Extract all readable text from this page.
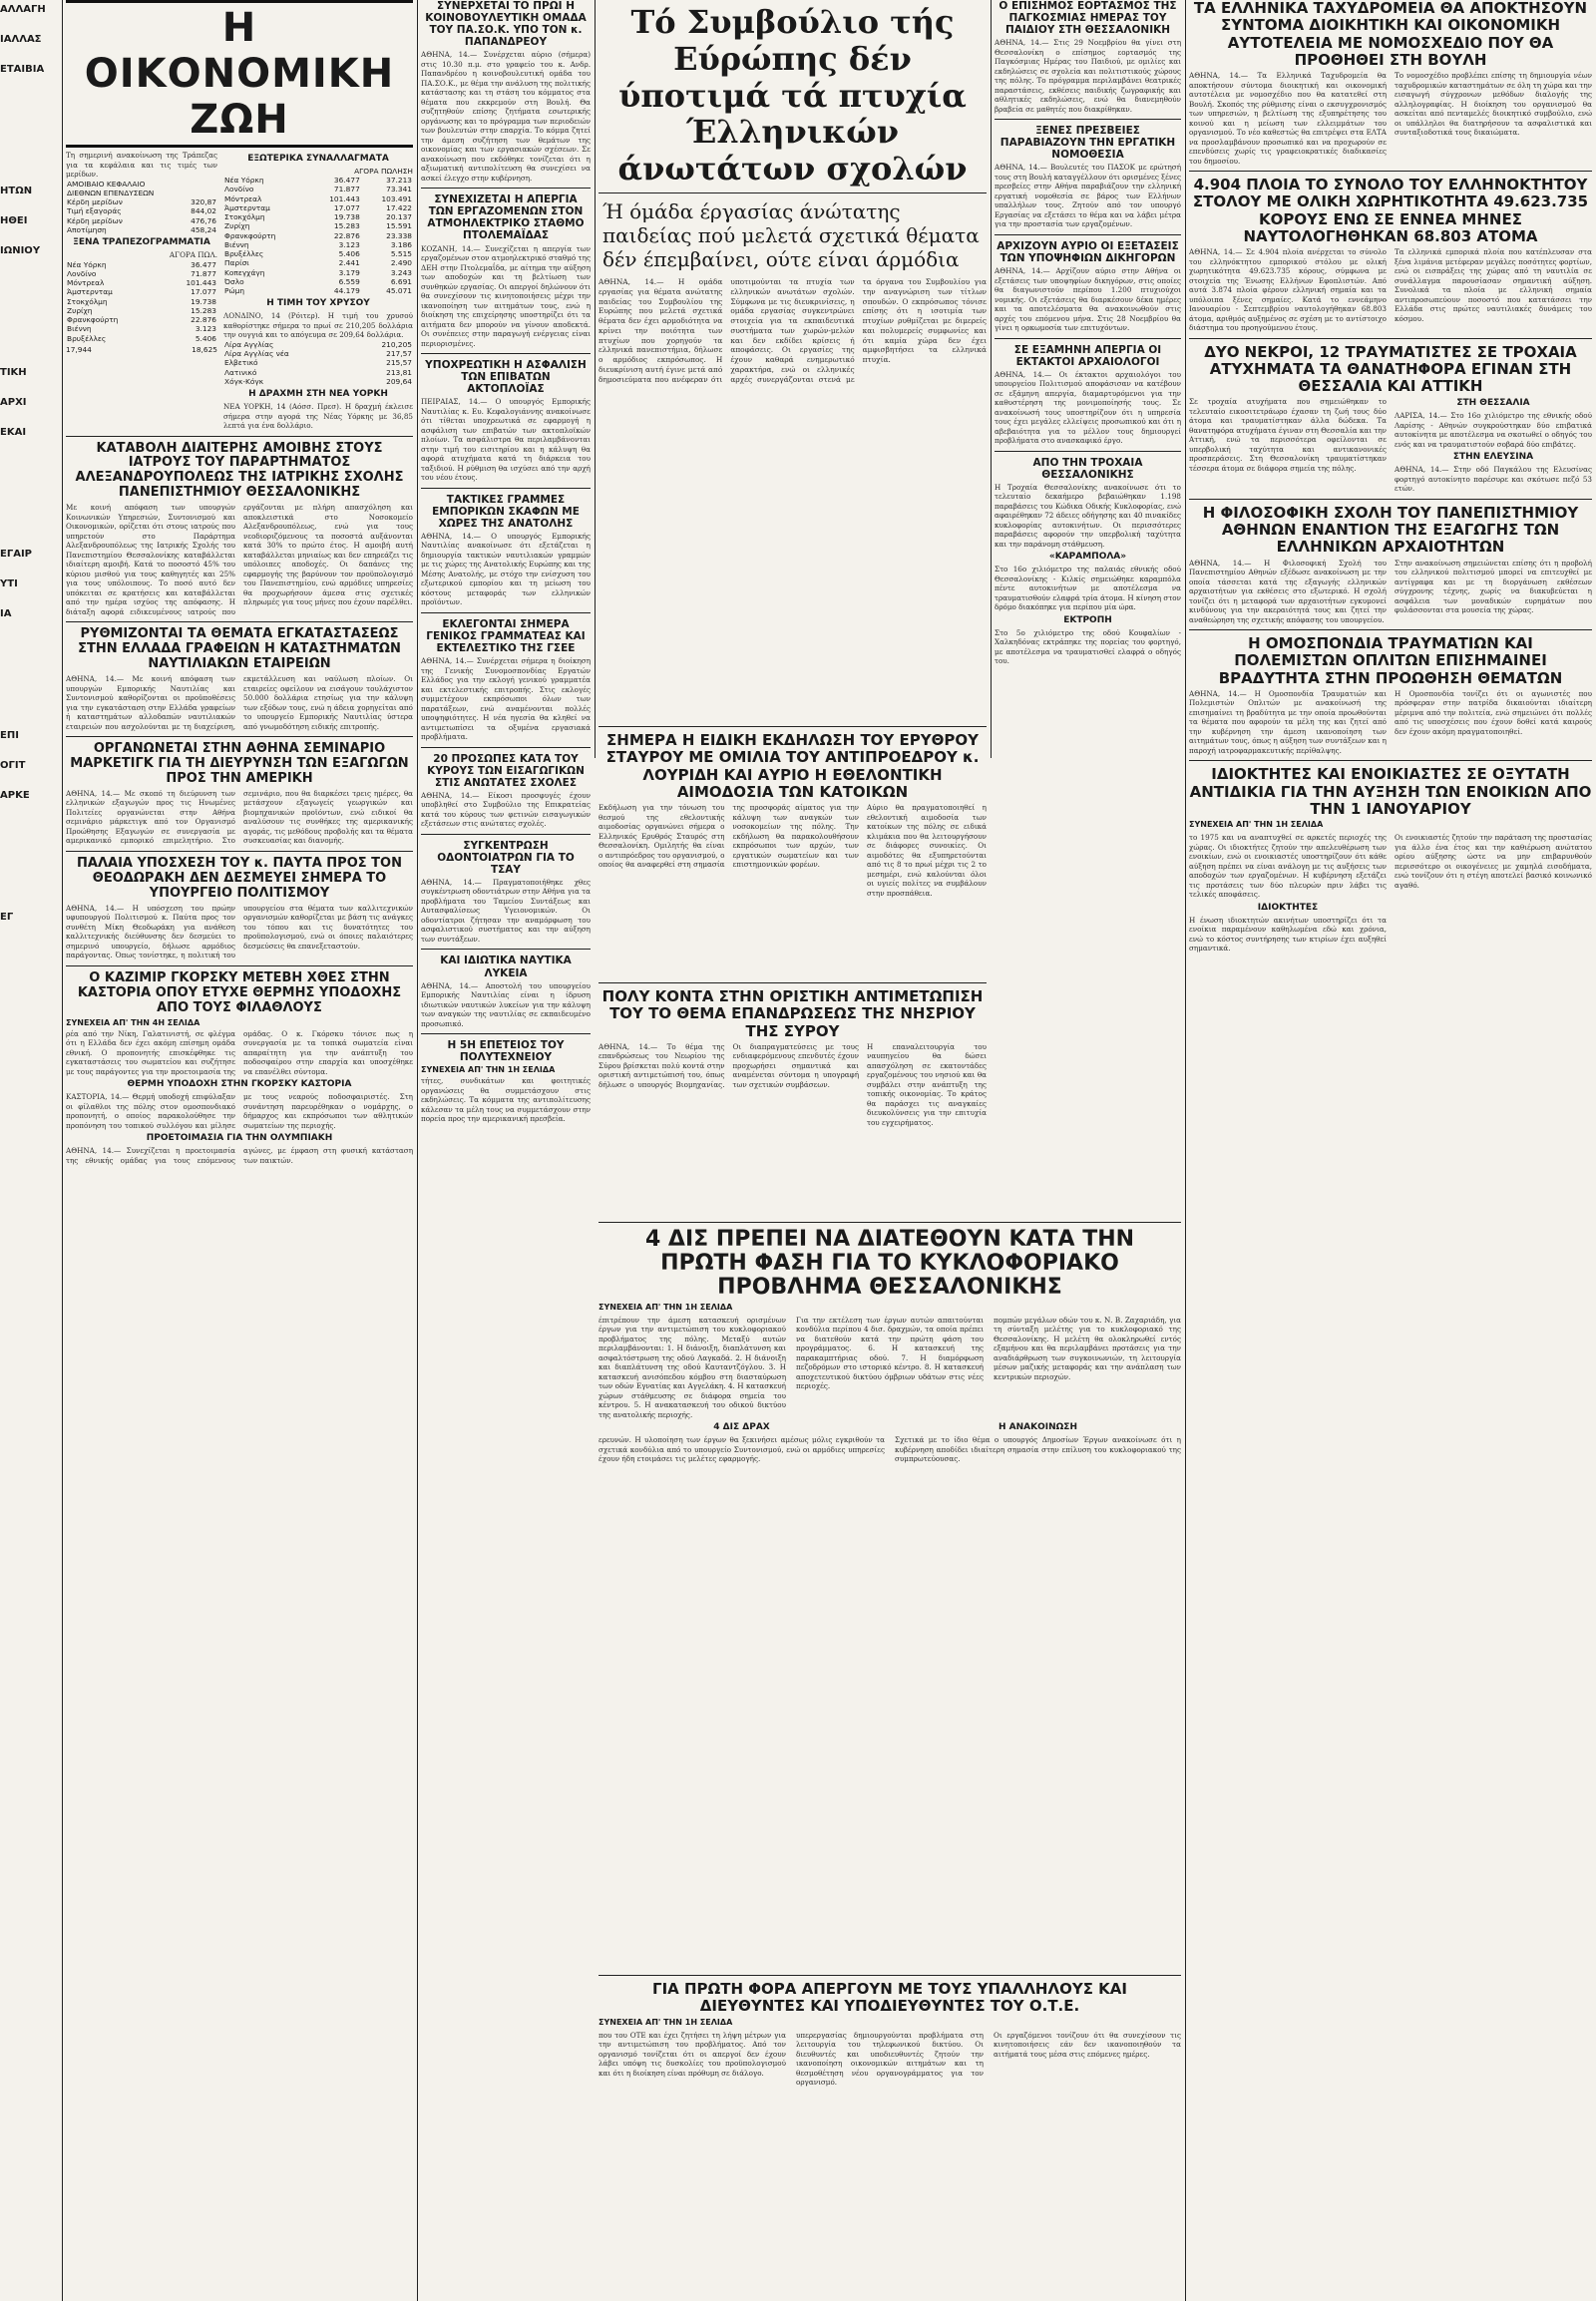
ΑΛΛΑΓΗ
ΙΑΛΛΑΣ
ΕΤΑΙΒΙΑ
ΗΤΩΝ
ΗΘΕΙ
ΙΩΝΙΟΥ
ΤΙΚΗ
ΑΡΧΙ
ΕΚΑΙ
ΕΓΑΙΡ
ΥΤΙ
ΙΑ
ΕΠΙ
ΟΓΙΤ
ΑΡΚΕ
ΕΓ
Η ΟΙΚΟΝΟΜΙΚΗ ΖΩΗ
Τη σημερινή ανακοίνωση της Τράπεζας για τα κεφάλαια και τις τιμές των μερίδων.
ΑΜΟΙΒΑΙΟ ΚΕΦΑΛΑΙΟ	
ΔΙΕΘΝΩΝ ΕΠΕΝΔΥΣΕΩΝ	
Κέρδη μερίδων	320,87
Τιμή εξαγοράς	844,02
Κέρδη μερίδων	476,76
Αποτίμηση	458,24
ΞΕΝΑ ΤΡΑΠΕΖΟΓΡΑΜΜΑΤΙΑ
ΑΓΟΡΑ ΠΩΛ.
Νέα Υόρκη	36.477
Λονδίνο	71.877
Μόντρεαλ	101.443
Άμστερνταμ	17.077
Στοκχόλμη	19.738
Ζυρίχη	15.283
Φρανκφούρτη	22.876
Βιέννη	3.123
Βρυξέλλες	5.406
17,944	18,625
ΕΞΩΤΕΡΙΚΑ ΣΥΝΑΛΛΑΓΜΑΤΑ
ΑΓΟΡΑ ΠΩΛΗΣΗ
Νέα Υόρκη	36.477	37.213
Λονδίνο	71.877	73.341
Μόντρεαλ	101.443	103.491
Άμστερνταμ	17.077	17.422
Στοκχόλμη	19.738	20.137
Ζυρίχη	15.283	15.591
Φρανκφούρτη	22.876	23.338
Βιέννη	3.123	3.186
Βρυξέλλες	5.406	5.515
Παρίσι	2.441	2.490
Κοπεγχάγη	3.179	3.243
Όσλο	6.559	6.691
Ρώμη	44.179	45.071
Η ΤΙΜΗ ΤΟΥ ΧΡΥΣΟΥ
ΛΟΝΔΙΝΟ, 14 (Ρόιτερ). Η τιμή του χρυσού καθορίστηκε σήμερα το πρωί σε 210,205 δολλάρια την ουγγιά και το απόγευμα σε 209,64 δολλάρια.
Λίρα Αγγλίας	210,205
Λίρα Αγγλίας νέα	217,57
Ελβετικό	215,57
Λατινικό	213,81
Χόγκ-Κόγκ	209,64
Η ΔΡΑΧΜΗ ΣΤΗ ΝΕΑ ΥΟΡΚΗ
ΝΕΑ ΥΟΡΚΗ, 14 (Αόσσ. Πρεσ). Η δραχμή έκλεισε σήμερα στην αγορά της Νέας Υόρκης με 36,85 λεπτά για ένα δολλάριο.
ΚΑΤΑΒΟΛΗ ΔΙΑΙΤΕΡΗΣ ΑΜΟΙΒΗΣ ΣΤΟΥΣ ΙΑΤΡΟΥΣ ΤΟΥ ΠΑΡΑΡΤΗΜΑΤΟΣ ΑΛΕΞΑΝΔΡΟΥΠΟΛΕΩΣ ΤΗΣ ΙΑΤΡΙΚΗΣ ΣΧΟΛΗΣ ΠΑΝΕΠΙΣΤΗΜΙΟΥ ΘΕΣΣΑΛΟΝΙΚΗΣ

Με κοινή απόφαση των υπουργών Κοινωνικών Υπηρεσιών, Συντονισμού και Οικονομικών, ορίζεται ότι στους ιατρούς που υπηρετούν στο Παράρτημα Αλεξανδρουπόλεως της Ιατρικής Σχολής του Πανεπιστημίου Θεσσαλονίκης καταβάλλεται ιδιαίτερη αμοιβή. Κατά το ποσοστό 45% του κύριου μισθού για τους καθηγητές και 25% για τους υπόλοιπους. Το ποσό αυτό δεν υπόκειται σε κρατήσεις και καταβάλλεται από την ημέρα ισχύος της απόφασης. Η διάταξη αφορά ειδικευμένους ιατρούς που εργάζονται με πλήρη απασχόληση και αποκλειστικά στο Νοσοκομείο Αλεξανδρουπόλεως, ενώ για τους νεοδιοριζόμενους τα ποσοστά αυξάνονται κατά 30% το πρώτο έτος. Η αμοιβή αυτή καταβάλλεται μηνιαίως και δεν επηρεάζει τις υπόλοιπες αποδοχές. Οι δαπάνες της εφαρμογής της βαρύνουν τον προϋπολογισμό του Πανεπιστημίου, ενώ αρμόδιες υπηρεσίες θα προχωρήσουν άμεσα στις σχετικές πληρωμές για τους μήνες που έχουν παρέλθει.

ΡΥΘΜΙΖΟΝΤΑΙ ΤΑ ΘΕΜΑΤΑ ΕΓΚΑΤΑΣΤΑΣΕΩΣ ΣΤΗΝ ΕΛΛΑΔΑ ΓΡΑΦΕΙΩΝ Η ΚΑΤΑΣΤΗΜΑΤΩΝ ΝΑΥΤΙΛΙΑΚΩΝ ΕΤΑΙΡΕΙΩΝ

ΑΘΗΝΑ, 14.— Με κοινή απόφαση των υπουργών Εμπορικής Ναυτιλίας και Συντονισμού καθορίζονται οι προϋποθέσεις για την εγκατάσταση στην Ελλάδα γραφείων ή καταστημάτων αλλοδαπών ναυτιλιακών εταιρειών που ασχολούνται με τη διαχείριση, εκμετάλλευση και ναύλωση πλοίων. Οι εταιρείες οφείλουν να εισάγουν τουλάχιστον 50.000 δολλάρια ετησίως για την κάλυψη των εξόδων τους, ενώ η άδεια χορηγείται από το υπουργείο Εμπορικής Ναυτιλίας ύστερα από γνωμοδότηση ειδικής επιτροπής.

ΟΡΓΑΝΩΝΕΤΑΙ ΣΤΗΝ ΑΘΗΝΑ ΣΕΜΙΝΑΡΙΟ ΜΑΡΚΕΤΙΓΚ ΓΙΑ ΤΗ ΔΙΕΥΡΥΝΣΗ ΤΩΝ ΕΞΑΓΩΓΩΝ ΠΡΟΣ ΤΗΝ ΑΜΕΡΙΚΗ

ΑΘΗΝΑ, 14.— Με σκοπό τη διεύρυνση των ελληνικών εξαγωγών προς τις Ηνωμένες Πολιτείες οργανώνεται στην Αθήνα σεμινάριο μάρκετιγκ από τον Οργανισμό Προώθησης Εξαγωγών σε συνεργασία με αμερικανικό εμπορικό επιμελητήριο. Στο σεμινάριο, που θα διαρκέσει τρεις ημέρες, θα μετάσχουν εξαγωγείς γεωργικών και βιομηχανικών προϊόντων, ενώ ειδικοί θα αναλύσουν τις συνθήκες της αμερικανικής αγοράς, τις μεθόδους προβολής και τα θέματα συσκευασίας και διανομής.

ΠΑΛΑΙΑ ΥΠΟΣΧΕΣΗ ΤΟΥ κ. ΠΑΥΤΑ ΠΡΟΣ ΤΟΝ ΘΕΟΔΩΡΑΚΗ ΔΕΝ ΔΕΣΜΕΥΕΙ ΣΗΜΕΡΑ ΤΟ ΥΠΟΥΡΓΕΙΟ ΠΟΛΙΤΙΣΜΟΥ

ΑΘΗΝΑ, 14.— Η υπόσχεση του πρώην υφυπουργού Πολιτισμού κ. Παύτα προς τον συνθέτη Μίκη Θεοδωράκη για ανάθεση καλλιτεχνικής διεύθυνσης δεν δεσμεύει το σημερινό υπουργείο, δήλωσε αρμόδιος παράγοντας. Όπως τονίστηκε, η πολιτική του υπουργείου στα θέματα των καλλιτεχνικών οργανισμών καθορίζεται με βάση τις ανάγκες του τόπου και τις δυνατότητες του προϋπολογισμού, ενώ οι όποιες παλαιότερες δεσμεύσεις θα επανεξεταστούν.

Ο ΚΑΖΙΜΙΡ ΓΚΟΡΣΚΥ ΜΕΤΕΒΗ ΧΘΕΣ ΣΤΗΝ ΚΑΣΤΟΡΙΑ ΟΠΟΥ ΕΤΥΧΕ ΘΕΡΜΗΣ ΥΠΟΔΟΧΗΣ ΑΠΟ ΤΟΥΣ ΦΙΛΑΘΛΟΥΣ
ΣΥΝΕΧΕΙΑ ΑΠ' ΤΗΝ 4Η ΣΕΛΙΔΑ

ρέα από την Νίκη, Γαλατινιστή, σε φλέγμα ότι η Ελλάδα δεν έχει ακόμη επίσημη ομάδα εθνική. Ο προπονητής επισκέφθηκε τις εγκαταστάσεις του σωματείου και συζήτησε με τους παράγοντες για την προετοιμασία της ομάδας. Ο κ. Γκόρσκυ τόνισε πως η συνεργασία με τα τοπικά σωματεία είναι απαραίτητη για την ανάπτυξη του ποδοσφαίρου στην επαρχία και υποσχέθηκε να επανέλθει σύντομα.

ΘΕΡΜΗ ΥΠΟΔΟΧΗ ΣΤΗΝ ΓΚΟΡΣΚΥ ΚΑΣΤΟΡΙΑ

ΚΑΣΤΟΡΙΑ, 14.— Θερμή υποδοχή επιφύλαξαν οι φίλαθλοι της πόλης στον ομοσπονδιακό προπονητή, ο οποίος παρακολούθησε την προπόνηση του τοπικού συλλόγου και μίλησε με τους νεαρούς ποδοσφαιριστές. Στη συνάντηση παρευρέθηκαν ο νομάρχης, ο δήμαρχος και εκπρόσωποι των αθλητικών σωματείων της περιοχής.

ΠΡΟΕΤΟΙΜΑΣΙΑ ΓΙΑ ΤΗΝ ΟΛΥΜΠΙΑΚΗ

ΑΘΗΝΑ, 14.— Συνεχίζεται η προετοιμασία της εθνικής ομάδας για τους επόμενους αγώνες, με έμφαση στη φυσική κατάσταση των παικτών.

ΣΥΝΕΡΧΕΤΑΙ ΤΟ ΠΡΩΙ Η ΚΟΙΝΟΒΟΥΛΕΥΤΙΚΗ ΟΜΑΔΑ ΤΟΥ ΠΑ.ΣΟ.Κ. ΥΠΟ ΤΟΝ κ. ΠΑΠΑΝΔΡΕΟΥ

ΑΘΗΝΑ, 14.— Συνέρχεται αύριο (σήμερα) στις 10.30 π.μ. στο γραφείο του κ. Ανδρ. Παπανδρέου η κοινοβουλευτική ομάδα του ΠΑ.ΣΟ.Κ., με θέμα την ανάλυση της πολιτικής κατάστασης και τη στάση του κόμματος στα θέματα που εκκρεμούν στη Βουλή. Θα συζητηθούν επίσης ζητήματα εσωτερικής οργάνωσης και το πρόγραμμα των περιοδειών των βουλευτών στην επαρχία. Το κόμμα ζητεί την άμεση συζήτηση των θεμάτων της οικονομίας και των εργασιακών σχέσεων. Σε ανακοίνωση που εκδόθηκε τονίζεται ότι η αξιωματική αντιπολίτευση θα συνεχίσει να ασκεί έλεγχο στην κυβέρνηση.

ΣΥΝΕΧΙΖΕΤΑΙ Η ΑΠΕΡΓΙΑ ΤΩΝ ΕΡΓΑΖΟΜΕΝΩΝ ΣΤΟΝ ΑΤΜΟΗΛΕΚΤΡΙΚΟ ΣΤΑΘΜΟ ΠΤΟΛΕΜΑΪΔΑΣ

ΚΟΖΑΝΗ, 14.— Συνεχίζεται η απεργία των εργαζομένων στον ατμοηλεκτρικό σταθμό της ΔΕΗ στην Πτολεμαΐδα, με αίτημα την αύξηση των αποδοχών και τη βελτίωση των συνθηκών εργασίας. Οι απεργοί δηλώνουν ότι θα συνεχίσουν τις κινητοποιήσεις μέχρι την ικανοποίηση των αιτημάτων τους, ενώ η διοίκηση της επιχείρησης υποστηρίζει ότι τα αιτήματα δεν μπορούν να γίνουν αποδεκτά. Οι συνέπειες στην παραγωγή ενέργειας είναι περιορισμένες.

ΥΠΟΧΡΕΩΤΙΚΗ Η ΑΣΦΑΛΙΣΗ ΤΩΝ ΕΠΙΒΑΤΩΝ ΑΚΤΟΠΛΟΪΑΣ

ΠΕΙΡΑΙΑΣ, 14.— Ο υπουργός Εμπορικής Ναυτιλίας κ. Ευ. Κεφαλογιάννης ανακοίνωσε ότι τίθεται υποχρεωτικά σε εφαρμογή η ασφάλιση των επιβατών των ακτοπλοϊκών πλοίων. Τα ασφάλιστρα θα περιλαμβάνονται στην τιμή του εισιτηρίου και η κάλυψη θα αφορά ατυχήματα κατά τη διάρκεια του ταξιδιού. Η ρύθμιση θα ισχύσει από την αρχή του νέου έτους.

ΤΑΚΤΙΚΕΣ ΓΡΑΜΜΕΣ ΕΜΠΟΡΙΚΩΝ ΣΚΑΦΩΝ ΜΕ ΧΩΡΕΣ ΤΗΣ ΑΝΑΤΟΛΗΣ

ΑΘΗΝΑ, 14.— Ο υπουργός Εμπορικής Ναυτιλίας ανακοίνωσε ότι εξετάζεται η δημιουργία τακτικών ναυτιλιακών γραμμών με τις χώρες της Ανατολικής Ευρώπης και της Μέσης Ανατολής, με στόχο την ενίσχυση του εξωτερικού εμπορίου και τη μείωση του κόστους μεταφοράς των ελληνικών προϊόντων.

ΕΚΛΕΓΟΝΤΑΙ ΣΗΜΕΡΑ ΓΕΝΙΚΟΣ ΓΡΑΜΜΑΤΕΑΣ ΚΑΙ ΕΚΤΕΛΕΣΤΙΚΟ ΤΗΣ ΓΣΕΕ

ΑΘΗΝΑ, 14.— Συνέρχεται σήμερα η διοίκηση της Γενικής Συνομοσπονδίας Εργατών Ελλάδος για την εκλογή γενικού γραμματέα και εκτελεστικής επιτροπής. Στις εκλογές συμμετέχουν εκπρόσωποι όλων των παρατάξεων, ενώ αναμένονται πολλές υποψηφιότητες. Η νέα ηγεσία θα κληθεί να αντιμετωπίσει τα οξυμένα εργασιακά προβλήματα.

20 ΠΡΟΣΩΠΕΣ ΚΑΤΑ ΤΟΥ ΚΥΡΟΥΣ ΤΩΝ ΕΙΣΑΓΩΓΙΚΩΝ ΣΤΙΣ ΑΝΩΤΑΤΕΣ ΣΧΟΛΕΣ

ΑΘΗΝΑ, 14.— Είκοσι προσφυγές έχουν υποβληθεί στο Συμβούλιο της Επικρατείας κατά του κύρους των φετινών εισαγωγικών εξετάσεων στις ανώτατες σχολές.

ΣΥΓΚΕΝΤΡΩΣΗ ΟΔΟΝΤΟΙΑΤΡΩΝ ΓΙΑ ΤΟ ΤΣΑΥ

ΑΘΗΝΑ, 14.— Πραγματοποιήθηκε χθες συγκέντρωση οδοντιάτρων στην Αθήνα για τα προβλήματα του Ταμείου Συντάξεως και Αυτασφαλίσεως Υγειονομικών. Οι οδοντίατροι ζήτησαν την αναμόρφωση του ασφαλιστικού συστήματος και την αύξηση των συντάξεων.

ΚΑΙ ΙΔΙΩΤΙΚΑ ΝΑΥΤΙΚΑ ΛΥΚΕΙΑ

ΑΘΗΝΑ, 14.— Αποστολή του υπουργείου Εμπορικής Ναυτιλίας είναι η ίδρυση ιδιωτικών ναυτικών λυκείων για την κάλυψη των αναγκών της ναυτιλίας σε εκπαιδευμένο προσωπικό.

Η 5Η ΕΠΕΤΕΙΟΣ ΤΟΥ ΠΟΛΥΤΕΧΝΕΙΟΥ
ΣΥΝΕΧΕΙΑ ΑΠ' ΤΗΝ 1Η ΣΕΛΙΔΑ

τήτες, συνδικάτων και φοιτητικές οργανώσεις θα συμμετάσχουν στις εκδηλώσεις. Τα κόμματα της αντιπολίτευσης κάλεσαν τα μέλη τους να συμμετάσχουν στην πορεία προς την αμερικανική πρεσβεία.

Τό Συμβούλιο τής Εύρώπης δέν ύποτιμά τά πτυχία Έλληνικών άνωτάτων σχολών

Ή όμάδα έργασίας άνώτατης παιδείας πού μελετά σχετικά θέματα δέν έπεμβαίνει, ούτε είναι άρμόδια

ΑΘΗΝΑ, 14.— Η ομάδα εργασίας για θέματα ανώτατης παιδείας του Συμβουλίου της Ευρώπης που μελετά σχετικά θέματα δεν έχει αρμοδιότητα να κρίνει την ποιότητα των πτυχίων που χορηγούν τα ελληνικά πανεπιστήμια, δήλωσε ο αρμόδιος εκπρόσωπος. Η διευκρίνιση αυτή έγινε μετά από δημοσιεύματα που ανέφεραν ότι υποτιμούνται τα πτυχία των ελληνικών ανωτάτων σχολών. Σύμφωνα με τις διευκρινίσεις, η ομάδα εργασίας συγκεντρώνει στοιχεία για τα εκπαιδευτικά συστήματα των χωρών-μελών και δεν εκδίδει κρίσεις ή αποφάσεις. Οι εργασίες της έχουν καθαρά ενημερωτικό χαρακτήρα, ενώ οι ελληνικές αρχές συνεργάζονται στενά με τα όργανα του Συμβουλίου για την αναγνώριση των τίτλων σπουδών. Ο εκπρόσωπος τόνισε επίσης ότι η ισοτιμία των πτυχίων ρυθμίζεται με διμερείς και πολυμερείς συμφωνίες και ότι καμία χώρα δεν έχει αμφισβητήσει τα ελληνικά πτυχία.

Ο ΕΠΙΣΗΜΟΣ ΕΟΡΤΑΣΜΟΣ ΤΗΣ ΠΑΓΚΟΣΜΙΑΣ ΗΜΕΡΑΣ ΤΟΥ ΠΑΙΔΙΟΥ ΣΤΗ ΘΕΣΣΑΛΟΝΙΚΗ

ΑΘΗΝΑ, 14.— Στις 29 Νοεμβρίου θα γίνει στη Θεσσαλονίκη ο επίσημος εορτασμός της Παγκόσμιας Ημέρας του Παιδιού, με ομιλίες και εκδηλώσεις σε σχολεία και πολιτιστικούς χώρους της πόλης. Το πρόγραμμα περιλαμβάνει θεατρικές παραστάσεις, εκθέσεις παιδικής ζωγραφικής και αθλητικές εκδηλώσεις, ενώ θα διανεμηθούν βραβεία σε μαθητές που διακρίθηκαν.

ΞΕΝΕΣ ΠΡΕΣΒΕΙΕΣ ΠΑΡΑΒΙΑΖΟΥΝ ΤΗΝ ΕΡΓΑΤΙΚΗ ΝΟΜΟΘΕΣΙΑ

ΑΘΗΝΑ, 14.— Βουλευτές του ΠΑΣΟΚ με ερώτησή τους στη Βουλή καταγγέλλουν ότι ορισμένες ξένες πρεσβείες στην Αθήνα παραβιάζουν την ελληνική εργατική νομοθεσία σε βάρος των Ελλήνων υπαλλήλων τους. Ζητούν από τον υπουργό Εργασίας να εξετάσει το θέμα και να λάβει μέτρα για την προστασία των εργαζομένων.

ΑΡΧΙΖΟΥΝ ΑΥΡΙΟ ΟΙ ΕΞΕΤΑΣΕΙΣ ΤΩΝ ΥΠΟΨΗΦΙΩΝ ΔΙΚΗΓΟΡΩΝ

ΑΘΗΝΑ, 14.— Αρχίζουν αύριο στην Αθήνα οι εξετάσεις των υποψηφίων δικηγόρων, στις οποίες θα διαγωνιστούν περίπου 1.200 πτυχιούχοι νομικής. Οι εξετάσεις θα διαρκέσουν δέκα ημέρες και τα αποτελέσματα θα ανακοινωθούν στις αρχές του επόμενου μήνα. Στις 28 Νοεμβρίου θα γίνει η ορκωμοσία των επιτυχόντων.

ΣΕ ΕΞΑΜΗΝΗ ΑΠΕΡΓΙΑ ΟΙ ΕΚΤΑΚΤΟΙ ΑΡΧΑΙΟΛΟΓΟΙ

ΑΘΗΝΑ, 14.— Οι έκτακτοι αρχαιολόγοι του υπουργείου Πολιτισμού αποφάσισαν να κατέβουν σε εξάμηνη απεργία, διαμαρτυρόμενοι για την καθυστέρηση της μονιμοποίησής τους. Σε ανακοίνωσή τους υποστηρίζουν ότι η υπηρεσία τους έχει μεγάλες ελλείψεις προσωπικού και ότι η αβεβαιότητα για το μέλλον τους δημιουργεί προβλήματα στο ανασκαφικό έργο.

ΑΠΟ ΤΗΝ ΤΡΟΧΑΙΑ ΘΕΣΣΑΛΟΝΙΚΗΣ

Η Τροχαία Θεσσαλονίκης ανακοίνωσε ότι το τελευταίο δεκαήμερο βεβαιώθηκαν 1.198 παραβάσεις του Κώδικα Οδικής Κυκλοφορίας, ενώ αφαιρέθηκαν 72 άδειες οδήγησης και 40 πινακίδες κυκλοφορίας αυτοκινήτων. Οι περισσότερες παραβάσεις αφορούν την υπερβολική ταχύτητα και την παράνομη στάθμευση.

«ΚΑΡΑΜΠΟΛΑ»

Στο 16ο χιλιόμετρο της παλαιάς εθνικής οδού Θεσσαλονίκης - Κιλκίς σημειώθηκε καραμπόλα πέντε αυτοκινήτων με αποτέλεσμα να τραυματισθούν ελαφρά τρία άτομα. Η κίνηση στον δρόμο διακόπηκε για περίπου μία ώρα.

ΕΚΤΡΟΠΗ

Στο 5ο χιλιόμετρο της οδού Κουφαλίων - Χαλκηδόνας εκτράπηκε της πορείας του φορτηγό, με αποτέλεσμα να τραυματισθεί ελαφρά ο οδηγός του.

ΣΗΜΕΡΑ Η ΕΙΔΙΚΗ ΕΚΔΗΛΩΣΗ ΤΟΥ ΕΡΥΘΡΟΥ ΣΤΑΥΡΟΥ ΜΕ ΟΜΙΛΙΑ ΤΟΥ ΑΝΤΙΠΡΟΕΔΡΟΥ κ. ΛΟΥΡΙΔΗ ΚΑΙ ΑΥΡΙΟ Η ΕΘΕΛΟΝΤΙΚΗ ΑΙΜΟΔΟΣΙΑ ΤΩΝ ΚΑΤΟΙΚΩΝ

Εκδήλωση για την τόνωση του θεσμού της εθελοντικής αιμοδοσίας οργανώνει σήμερα ο Ελληνικός Ερυθρός Σταυρός στη Θεσσαλονίκη. Ομιλητής θα είναι ο αντιπρόεδρος του οργανισμού, ο οποίος θα αναφερθεί στη σημασία της προσφοράς αίματος για την κάλυψη των αναγκών των νοσοκομείων της πόλης. Την εκδήλωση θα παρακολουθήσουν εκπρόσωποι των αρχών, των εργατικών σωματείων και των επιστημονικών φορέων.

Αύριο θα πραγματοποιηθεί η εθελοντική αιμοδοσία των κατοίκων της πόλης σε ειδικά κλιμάκια που θα λειτουργήσουν σε διάφορες συνοικίες. Οι αιμοδότες θα εξυπηρετούνται από τις 8 το πρωί μέχρι τις 2 το μεσημέρι, ενώ καλούνται όλοι οι υγιείς πολίτες να συμβάλουν στην προσπάθεια.

ΠΟΛΥ ΚΟΝΤΑ ΣΤΗΝ ΟΡΙΣΤΙΚΗ ΑΝΤΙΜΕΤΩΠΙΣΗ ΤΟΥ ΤΟ ΘΕΜΑ ΕΠΑΝΔΡΩΣΕΩΣ ΤΗΣ ΝΗΣΡΙΟΥ ΤΗΣ ΣΥΡΟΥ

ΑΘΗΝΑ, 14.— Το θέμα της επανδρώσεως του Νεωρίου της Σύρου βρίσκεται πολύ κοντά στην οριστική αντιμετώπισή του, όπως δήλωσε ο υπουργός Βιομηχανίας. Οι διαπραγματεύσεις με τους ενδιαφερόμενους επενδυτές έχουν προχωρήσει σημαντικά και αναμένεται σύντομα η υπογραφή των σχετικών συμβάσεων.

Η επαναλειτουργία του ναυπηγείου θα δώσει απασχόληση σε εκατοντάδες εργαζομένους του νησιού και θα συμβάλει στην ανάπτυξη της τοπικής οικονομίας. Το κράτος θα παράσχει τις αναγκαίες διευκολύνσεις για την επιτυχία του εγχειρήματος.

4 ΔΙΣ ΠΡΕΠΕΙ ΝΑ ΔΙΑΤΕΘΟΥΝ ΚΑΤΑ ΤΗΝ ΠΡΩΤΗ ΦΑΣΗ ΓΙΑ ΤΟ ΚΥΚΛΟΦΟΡΙΑΚΟ ΠΡΟΒΛΗΜΑ ΘΕΣΣΑΛΟΝΙΚΗΣ
ΣΥΝΕΧΕΙΑ ΑΠ' ΤΗΝ 1Η ΣΕΛΙΔΑ

έπιτρέπουν την άμεση κατασκευή ορισμένων έργων για την αντιμετώπιση του κυκλοφοριακού προβλήματος της πόλης. Μεταξύ αυτών περιλαμβάνονται: 1. Η διάνοιξη, διαπλάτυνση και ασφαλτόστρωση της οδού Λαγκαδά. 2. Η διάνοιξη και διαπλάτυνση της οδού Καυταντζόγλου. 3. Η κατασκευή ανισόπεδου κόμβου στη διασταύρωση των οδών Εγνατίας και Αγγελάκη. 4. Η κατασκευή χώρων στάθμευσης σε διάφορα σημεία του κέντρου. 5. Η ανακατασκευή του οδικού δικτύου της ανατολικής περιοχής.

Για την εκτέλεση των έργων αυτών απαιτούνται κονδύλια περίπου 4 δισ. δραχμών, τα οποία πρέπει να διατεθούν κατά την πρώτη φάση του προγράμματος. 6. Η κατασκευή της παρακαμπτήριας οδού. 7. Η διαμόρφωση πεζοδρόμων στο ιστορικό κέντρο. 8. Η κατασκευή αποχετευτικού δικτύου όμβριων υδάτων στις νέες περιοχές.

πομπών μεγάλων οδών του κ. Ν. Β. Ζαχαριάδη, για τη σύνταξη μελέτης για το κυκλοφοριακό της Θεσσαλονίκης. Η μελέτη θα ολοκληρωθεί εντός εξαμήνου και θα περιλαμβάνει προτάσεις για την αναδιάρθρωση των συγκοινωνιών, τη λειτουργία μέσων μαζικής μεταφοράς και την ανάπλαση των κεντρικών περιοχών.

4 ΔΙΣ ΔΡΑΧ

ερευνών. Η υλοποίηση των έργων θα ξεκινήσει αμέσως μόλις εγκριθούν τα σχετικά κονδύλια από το υπουργείο Συντονισμού, ενώ οι αρμόδιες υπηρεσίες έχουν ήδη ετοιμάσει τις μελέτες εφαρμογής.

Η ΑΝΑΚΟΙΝΩΣΗ

Σχετικά με το ίδιο θέμα ο υπουργός Δημοσίων Έργων ανακοίνωσε ότι η κυβέρνηση αποδίδει ιδιαίτερη σημασία στην επίλυση του κυκλοφοριακού της συμπρωτεύουσας.

ΓΙΑ ΠΡΩΤΗ ΦΟΡΑ ΑΠΕΡΓΟΥΝ ΜΕ ΤΟΥΣ ΥΠΑΛΛΗΛΟΥΣ ΚΑΙ ΔΙΕΥΘΥΝΤΕΣ ΚΑΙ ΥΠΟΔΙΕΥΘΥΝΤΕΣ ΤΟΥ Ο.Τ.Ε.
ΣΥΝΕΧΕΙΑ ΑΠ' ΤΗΝ 1Η ΣΕΛΙΔΑ

που του ΟΤΕ και έχει ζητήσει τη λήψη μέτρων για την αντιμετώπιση του προβλήματος. Από τον οργανισμό τονίζεται ότι οι απεργοί δεν έχουν λάβει υπόψη τις δυσκολίες του προϋπολογισμού και ότι η διοίκηση είναι πρόθυμη σε διάλογο.

υπερεργασίας δημιουργούνται προβλήματα στη λειτουργία του τηλεφωνικού δικτύου. Οι διευθυντές και υποδιευθυντές ζητούν την ικανοποίηση οικονομικών αιτημάτων και τη θεσμοθέτηση νέου οργανογράμματος για τον οργανισμό.

Οι εργαζόμενοι τονίζουν ότι θα συνεχίσουν τις κινητοποιήσεις εάν δεν ικανοποιηθούν τα αιτήματά τους μέσα στις επόμενες ημέρες.

ΤΑ ΕΛΛΗΝΙΚΑ ΤΑΧΥΔΡΟΜΕΙΑ ΘΑ ΑΠΟΚΤΗΣΟΥΝ ΣΥΝΤΟΜΑ ΔΙΟΙΚΗΤΙΚΗ ΚΑΙ ΟΙΚΟΝΟΜΙΚΗ ΑΥΤΟΤΕΛΕΙΑ ΜΕ ΝΟΜΟΣΧΕΔΙΟ ΠΟΥ ΘΑ ΠΡΟΘΗΘΕΙ ΣΤΗ ΒΟΥΛΗ

ΑΘΗΝΑ, 14.— Τα Ελληνικά Ταχυδρομεία θα αποκτήσουν σύντομα διοικητική και οικονομική αυτοτέλεια με νομοσχέδιο που θα κατατεθεί στη Βουλή. Σκοπός της ρύθμισης είναι ο εκσυγχρονισμός των υπηρεσιών, η βελτίωση της εξυπηρέτησης του κοινού και η μείωση των ελλειμμάτων του οργανισμού. Το νέο καθεστώς θα επιτρέψει στα ΕΛΤΑ να προσλαμβάνουν προσωπικό και να προχωρούν σε επενδύσεις χωρίς τις γραφειοκρατικές διαδικασίες του δημοσίου.

Το νομοσχέδιο προβλέπει επίσης τη δημιουργία νέων ταχυδρομικών καταστημάτων σε όλη τη χώρα και την εισαγωγή σύγχρονων μεθόδων διαλογής της αλληλογραφίας. Η διοίκηση του οργανισμού θα ασκείται από πενταμελές διοικητικό συμβούλιο, ενώ οι υπάλληλοι θα διατηρήσουν τα ασφαλιστικά και συνταξιοδοτικά τους δικαιώματα.

4.904 ΠΛΟΙΑ ΤΟ ΣΥΝΟΛΟ ΤΟΥ ΕΛΛΗΝΟΚΤΗΤΟΥ ΣΤΟΛΟΥ ΜΕ ΟΛΙΚΗ ΧΩΡΗΤΙΚΟΤΗΤΑ 49.623.735 ΚΟΡΟΥΣ ΕΝΩ ΣΕ ΕΝΝΕΑ ΜΗΝΕΣ ΝΑΥΤΟΛΟΓΗΘΗΚΑΝ 68.803 ΑΤΟΜΑ

ΑΘΗΝΑ, 14.— Σε 4.904 πλοία ανέρχεται το σύνολο του ελληνόκτητου εμπορικού στόλου με ολική χωρητικότητα 49.623.735 κόρους, σύμφωνα με στοιχεία της Ένωσης Ελλήνων Εφοπλιστών. Από αυτά 3.874 πλοία φέρουν ελληνική σημαία και τα υπόλοιπα ξένες σημαίες. Κατά το εννεάμηνο Ιανουαρίου - Σεπτεμβρίου ναυτολογήθηκαν 68.803 άτομα, αριθμός αυξημένος σε σχέση με το αντίστοιχο διάστημα του προηγούμενου έτους.

Τα ελληνικά εμπορικά πλοία που κατέπλευσαν στα ξένα λιμάνια μετέφεραν μεγάλες ποσότητες φορτίων, ενώ οι εισπράξεις της χώρας από τη ναυτιλία σε συνάλλαγμα παρουσίασαν σημαντική αύξηση. Συνολικά τα πλοία με ελληνική σημαία αντιπροσωπεύουν ποσοστό που κατατάσσει την Ελλάδα στις πρώτες ναυτιλιακές δυνάμεις του κόσμου.

ΔΥΟ ΝΕΚΡΟΙ, 12 ΤΡΑΥΜΑΤΙΣΤΕΣ ΣΕ ΤΡΟΧΑΙΑ ΑΤΥΧΗΜΑΤΑ ΤΑ ΘΑΝΑΤΗΦΟΡΑ ΕΓΙΝΑΝ ΣΤΗ ΘΕΣΣΑΛΙΑ ΚΑΙ ΑΤΤΙΚΗ

Σε τροχαία ατυχήματα που σημειώθηκαν το τελευταίο εικοσιτετράωρο έχασαν τη ζωή τους δύο άτομα και τραυματίστηκαν άλλα δώδεκα. Τα θανατηφόρα ατυχήματα έγιναν στη Θεσσαλία και την Αττική, ενώ τα περισσότερα οφείλονται σε υπερβολική ταχύτητα και αντικανονικές προσπεράσεις. Στη Θεσσαλονίκη τραυματίστηκαν τέσσερα άτομα σε διάφορα σημεία της πόλης.

ΣΤΗ ΘΕΣΣΑΛΙΑ

ΛΑΡΙΣΑ, 14.— Στο 16ο χιλιόμετρο της εθνικής οδού Λαρίσης - Αθηνών συγκρούστηκαν δύο επιβατικά αυτοκίνητα με αποτέλεσμα να σκοτωθεί ο οδηγός του ενός και να τραυματιστούν σοβαρά δύο επιβάτες.

ΣΤΗΝ ΕΛΕΥΣΙΝΑ

ΑΘΗΝΑ, 14.— Στην οδό Παγκάλου της Ελευσίνας φορτηγό αυτοκίνητο παρέσυρε και σκότωσε πεζό 53 ετών.

Η ΦΙΛΟΣΟΦΙΚΗ ΣΧΟΛΗ ΤΟΥ ΠΑΝΕΠΙΣΤΗΜΙΟΥ ΑΘΗΝΩΝ ΕΝΑΝΤΙΟΝ ΤΗΣ ΕΞΑΓΩΓΗΣ ΤΩΝ ΕΛΛΗΝΙΚΩΝ ΑΡΧΑΙΟΤΗΤΩΝ

ΑΘΗΝΑ, 14.— Η Φιλοσοφική Σχολή του Πανεπιστημίου Αθηνών εξέδωσε ανακοίνωση με την οποία τάσσεται κατά της εξαγωγής ελληνικών αρχαιοτήτων για εκθέσεις στο εξωτερικό. Η σχολή τονίζει ότι η μεταφορά των αρχαιοτήτων εγκυμονεί κινδύνους για την ακεραιότητά τους και ζητεί την αναθεώρηση της σχετικής απόφασης του υπουργείου.

Στην ανακοίνωση σημειώνεται επίσης ότι η προβολή του ελληνικού πολιτισμού μπορεί να επιτευχθεί με αντίγραφα και με τη διοργάνωση εκθέσεων σύγχρονης τέχνης, χωρίς να διακυβεύεται η ασφάλεια των μοναδικών ευρημάτων που φυλάσσονται στα μουσεία της χώρας.

Η ΟΜΟΣΠΟΝΔΙΑ ΤΡΑΥΜΑΤΙΩΝ ΚΑΙ ΠΟΛΕΜΙΣΤΩΝ ΟΠΛΙΤΩΝ ΕΠΙΣΗΜΑΙΝΕΙ ΒΡΑΔΥΤΗΤΑ ΣΤΗΝ ΠΡΟΩΘΗΣΗ ΘΕΜΑΤΩΝ

ΑΘΗΝΑ, 14.— Η Ομοσπονδία Τραυματιών και Πολεμιστών Οπλιτών με ανακοίνωσή της επισημαίνει τη βραδύτητα με την οποία προωθούνται τα θέματα που αφορούν τα μέλη της και ζητεί από την κυβέρνηση την άμεση ικανοποίηση των αιτημάτων τους, όπως η αύξηση των συντάξεων και η παροχή ιατροφαρμακευτικής περίθαλψης.

Η Ομοσπονδία τονίζει ότι οι αγωνιστές που πρόσφεραν στην πατρίδα δικαιούνται ιδιαίτερη μέριμνα από την πολιτεία, ενώ σημειώνει ότι πολλές από τις υποσχέσεις που έχουν δοθεί κατά καιρούς δεν έχουν ακόμη πραγματοποιηθεί.

ΙΔΙΟΚΤΗΤΕΣ ΚΑΙ ΕΝΟΙΚΙΑΣΤΕΣ ΣΕ ΟΞΥΤΑΤΗ ΑΝΤΙΔΙΚΙΑ ΓΙΑ ΤΗΝ ΑΥΞΗΣΗ ΤΩΝ ΕΝΟΙΚΙΩΝ ΑΠΟ ΤΗΝ 1 ΙΑΝΟΥΑΡΙΟΥ
ΣΥΝΕΧΕΙΑ ΑΠ' ΤΗΝ 1Η ΣΕΛΙΔΑ

το 1975 και να αναπτυχθεί σε αρκετές περιοχές της χώρας. Οι ιδιοκτήτες ζητούν την απελευθέρωση των ενοικίων, ενώ οι ενοικιαστές υποστηρίζουν ότι κάθε αύξηση πρέπει να είναι ανάλογη με τις αυξήσεις των αποδοχών των εργαζομένων. Η κυβέρνηση εξετάζει τις προτάσεις των δύο πλευρών πριν λάβει τις τελικές αποφάσεις.

ΙΔΙΟΚΤΗΤΕΣ

Η ένωση ιδιοκτητών ακινήτων υποστηρίζει ότι τα ενοίκια παραμένουν καθηλωμένα εδώ και χρόνια, ενώ το κόστος συντήρησης των κτιρίων έχει αυξηθεί σημαντικά.

Οι ενοικιαστές ζητούν την παράταση της προστασίας για άλλο ένα έτος και την καθιέρωση ανώτατου ορίου αύξησης ώστε να μην επιβαρυνθούν περισσότερο οι οικογένειες με χαμηλά εισοδήματα, ενώ τονίζουν ότι η στέγη αποτελεί βασικό κοινωνικό αγαθό.
